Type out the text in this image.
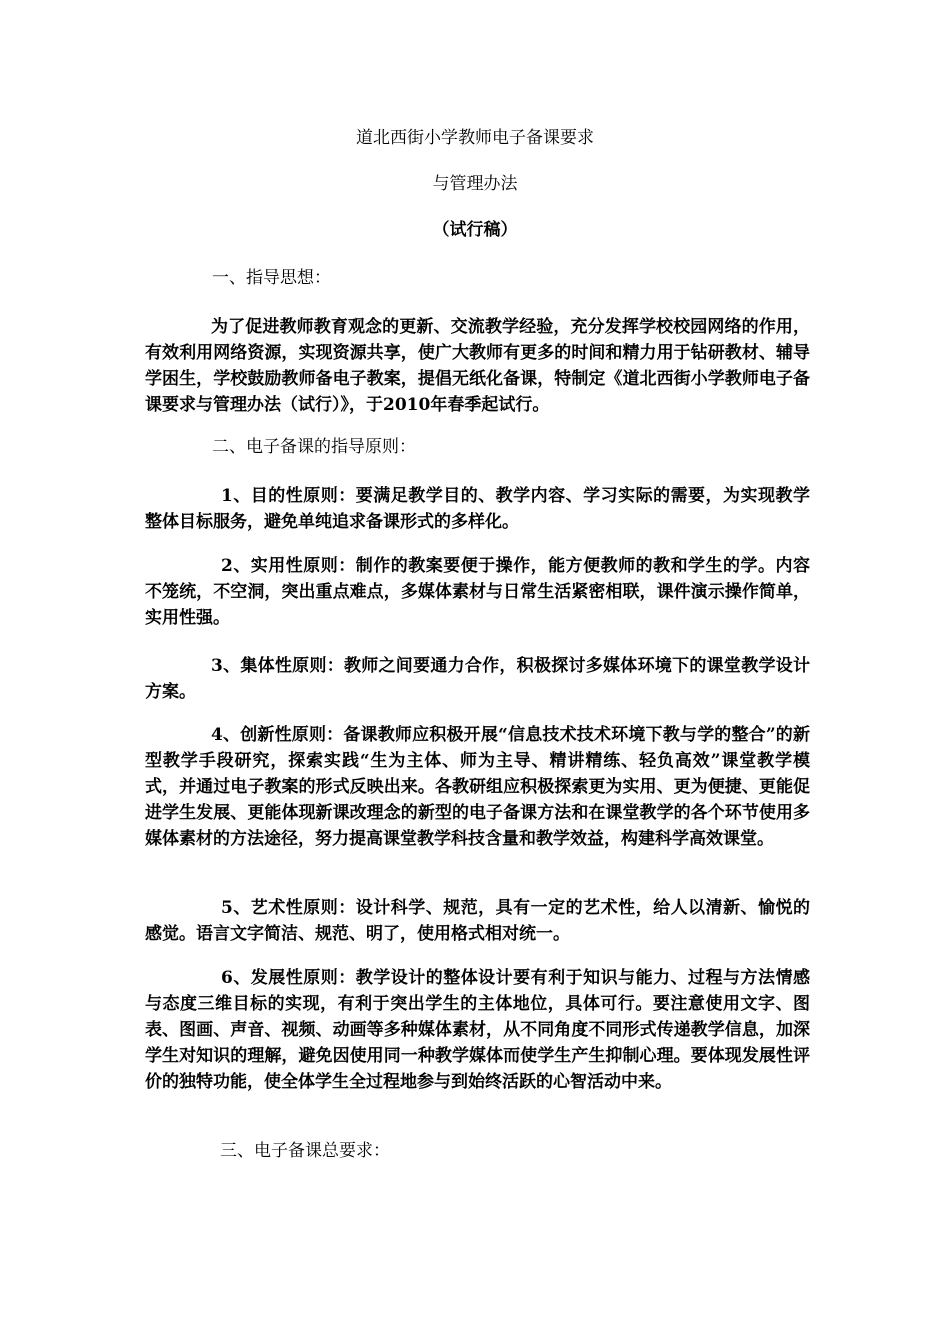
道北西街小学教师电子备课要求

与管理办法

（试行稿）

一、指导思想：

为了促进教师教育观念的更新、交流教学经验，充分发挥学校校园网络的作用，有效利用网络资源，实现资源共享，使广大教师有更多的时间和精力用于钻研教材、辅导学困生，学校鼓励教师备电子教案，提倡无纸化备课，特制定《道北西街小学教师电子备课要求与管理办法（试行）》，于2010年春季起试行。

二、电子备课的指导原则：

1、目的性原则：要满足教学目的、教学内容、学习实际的需要，为实现教学整体目标服务，避免单纯追求备课形式的多样化。

2、实用性原则：制作的教案要便于操作，能方便教师的教和学生的学。内容不笼统，不空洞，突出重点难点，多媒体素材与日常生活紧密相联，课件演示操作简单，实用性强。

3、集体性原则：教师之间要通力合作，积极探讨多媒体环境下的课堂教学设计方案。

4、创新性原则：备课教师应积极开展“信息技术技术环境下教与学的整合”的新型教学手段研究，探索实践“生为主体、师为主导、精讲精练、轻负高效”课堂教学模式，并通过电子教案的形式反映出来。各教研组应积极探索更为实用、更为便捷、更能促进学生发展、更能体现新课改理念的新型的电子备课方法和在课堂教学的各个环节使用多媒体素材的方法途径，努力提高课堂教学科技含量和教学效益，构建科学高效课堂。

5、艺术性原则：设计科学、规范，具有一定的艺术性，给人以清新、愉悦的感觉。语言文字简洁、规范、明了，使用格式相对统一。

6、发展性原则：教学设计的整体设计要有利于知识与能力、过程与方法情感与态度三维目标的实现，有利于突出学生的主体地位，具体可行。要注意使用文字、图表、图画、声音、视频、动画等多种媒体素材，从不同角度不同形式传递教学信息，加深学生对知识的理解，避免因使用同一种教学媒体而使学生产生抑制心理。要体现发展性评价的独特功能，使全体学生全过程地参与到始终活跃的心智活动中来。

三、电子备课总要求：
